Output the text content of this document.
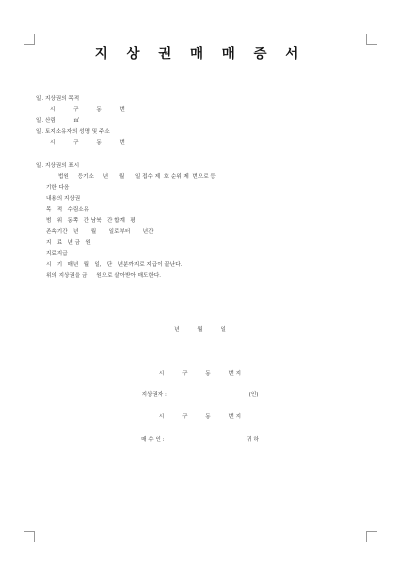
지 상 권 매 매 증 서
일. 지상권의 목적
시          구          동          번
일. 산림          ㎡
일. 토지소유자의 성명 및 주소
시          구          동          번
일. 지상권의 표시
법원     등기소     년      월      일 접수 제  호 순위 제  번으로 등
기한 다음
내용의 지상권
목   적   수림소유
범   위   동쪽   간 남북   간 합계   평
존속기간   년       월       일로부터       년간
지   료   년 금   원
지료지급
시   기   매년   월   일,   단   년분까지로 지급이 끝난다.
위의 지상권을 금     원으로 살아받아 매도한다.
년          월          일
시          구          동          번 지
지상권자 :                                              (인)
시          구          동          번 지
매 수 인 :                                              귀 하
